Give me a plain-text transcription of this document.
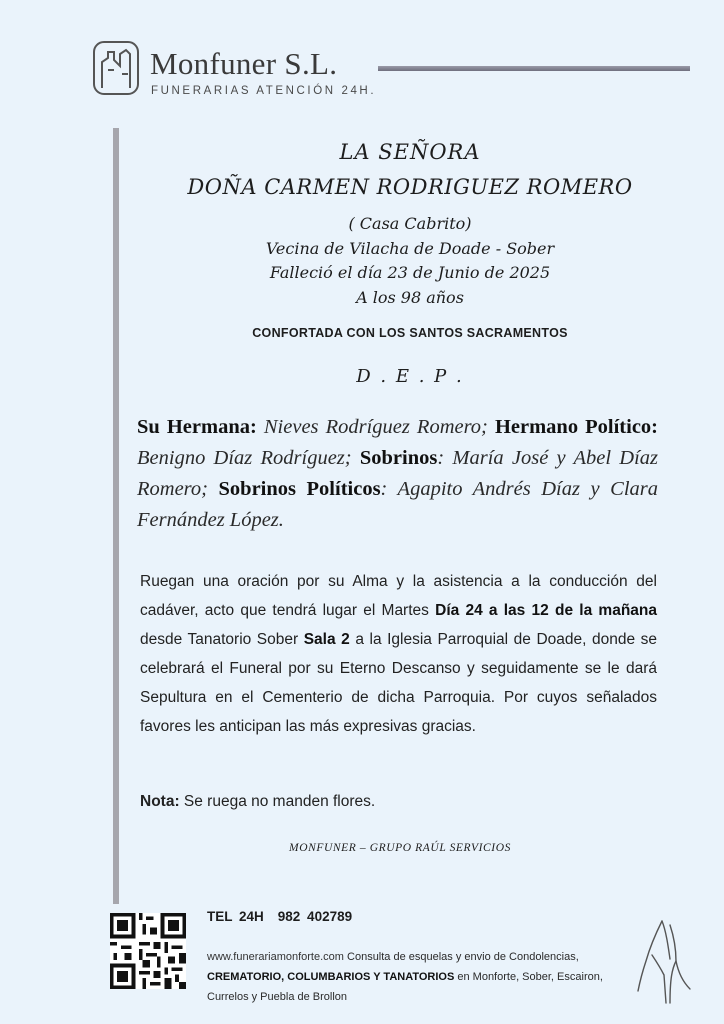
Monfuner S.L.
FUNERARIAS ATENCIÓN 24H.
LA SEÑORA
DOÑA CARMEN RODRIGUEZ ROMERO
( Casa Cabrito)
Vecina de Vilacha de Doade - Sober
Falleció el día 23 de Junio de 2025
A los 98 años
CONFORTADA CON LOS SANTOS SACRAMENTOS
D . E . P .
Su Hermana: Nieves Rodríguez Romero; Hermano Político: Benigno Díaz Rodríguez; Sobrinos: María José y Abel Díaz Romero; Sobrinos Políticos: Agapito Andrés Díaz y Clara Fernández López.
Ruegan una oración por su Alma y la asistencia a la conducción del cadáver, acto que tendrá lugar el Martes Día 24 a las 12 de la mañana desde Tanatorio Sober Sala 2 a la Iglesia Parroquial de Doade, donde se celebrará el Funeral por su Eterno Descanso y seguidamente se le dará Sepultura en el Cementerio de dicha Parroquia. Por cuyos señalados favores les anticipan las más expresivas gracias.
Nota: Se ruega no manden flores.
MONFUNER – GRUPO RAÚL SERVICIOS
TEL 24H 982 402789
www.funerariamonforte.com Consulta de esquelas y envio de Condolencias, CREMATORIO, COLUMBARIOS Y TANATORIOS en Monforte, Sober, Escairon, Currelos y Puebla de Brollon
